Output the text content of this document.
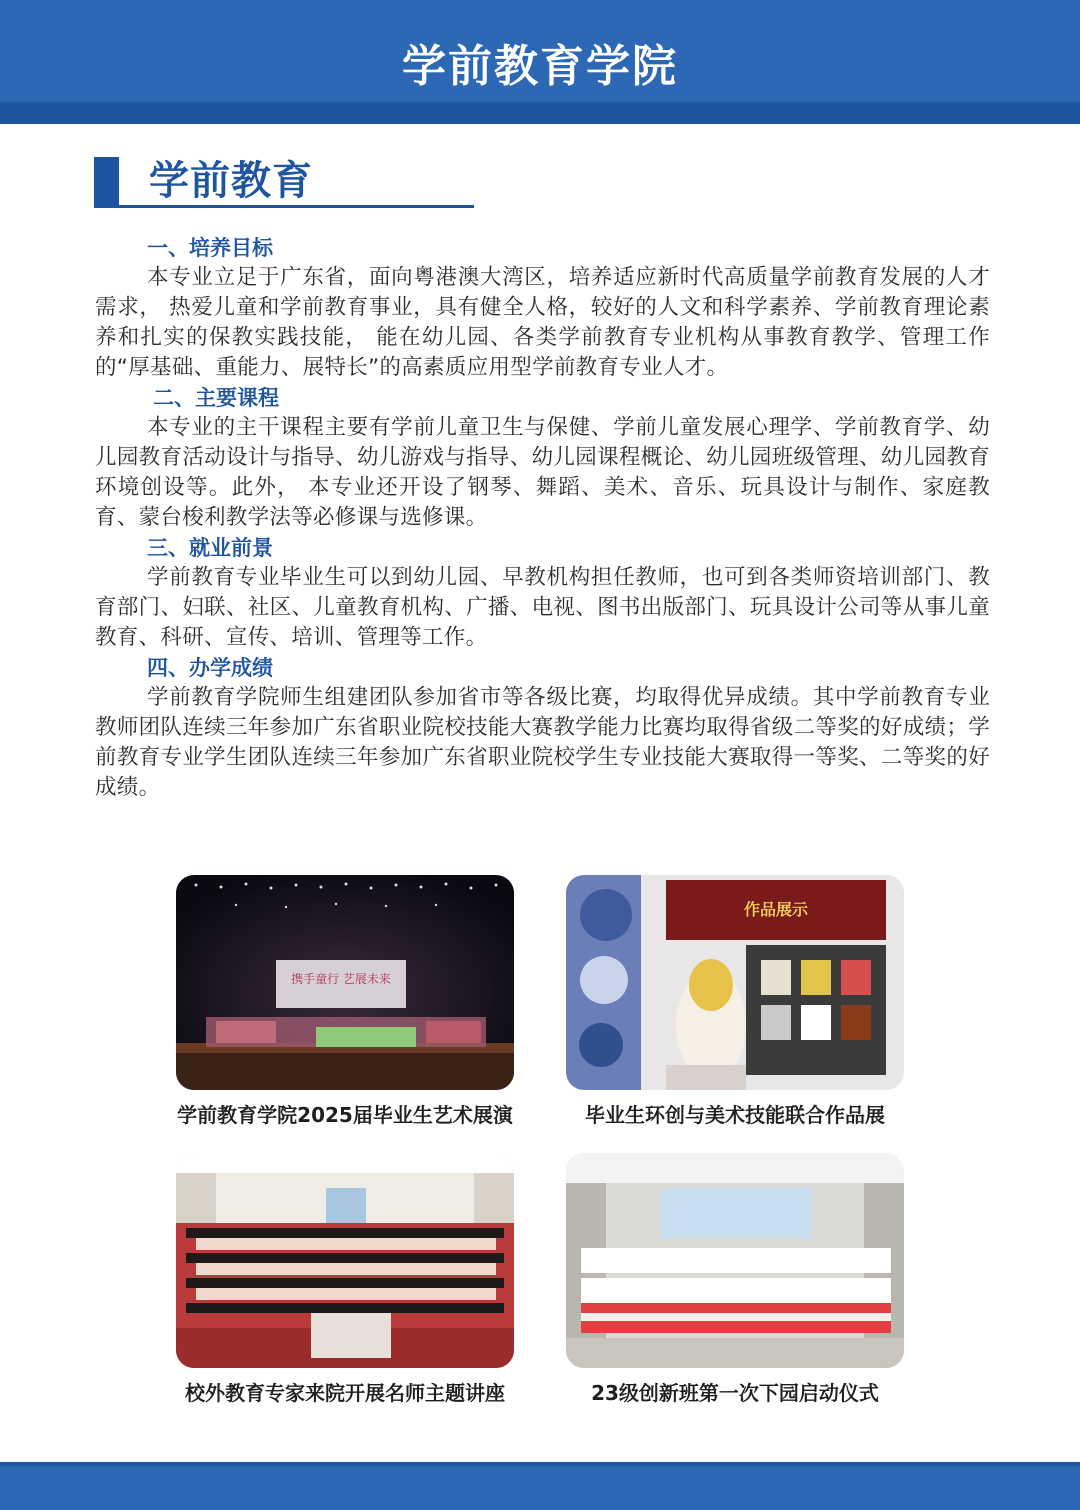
学前教育学院
学前教育

一、培养目标

本专业立足于广东省，面向粤港澳大湾区，培养适应新时代高质量学前教育发展的人才需求， 热爱儿童和学前教育事业，具有健全人格，较好的人文和科学素养、学前教育理论素养和扎实的保教实践技能， 能在幼儿园、各类学前教育专业机构从事教育教学、管理工作的“厚基础、重能力、展特长”的高素质应用型学前教育专业人才。

二、主要课程

本专业的主干课程主要有学前儿童卫生与保健、学前儿童发展心理学、学前教育学、幼儿园教育活动设计与指导、幼儿游戏与指导、幼儿园课程概论、幼儿园班级管理、幼儿园教育环境创设等。此外， 本专业还开设了钢琴、舞蹈、美术、音乐、玩具设计与制作、家庭教育、蒙台梭利教学法等必修课与选修课。

三、就业前景

学前教育专业毕业生可以到幼儿园、早教机构担任教师，也可到各类师资培训部门、教育部门、妇联、社区、儿童教育机构、广播、电视、图书出版部门、玩具设计公司等从事儿童教育、科研、宣传、培训、管理等工作。

四、办学成绩

学前教育学院师生组建团队参加省市等各级比赛，均取得优异成绩。其中学前教育专业教师团队连续三年参加广东省职业院校技能大赛教学能力比赛均取得省级二等奖的好成绩；学前教育专业学生团队连续三年参加广东省职业院校学生专业技能大赛取得一等奖、二等奖的好成绩。

携手童行 艺展未来
学前教育学院2025届毕业生艺术展演
作品展示
毕业生环创与美术技能联合作品展
校外教育专家来院开展名师主题讲座	23级创新班第一次下园启动仪式
